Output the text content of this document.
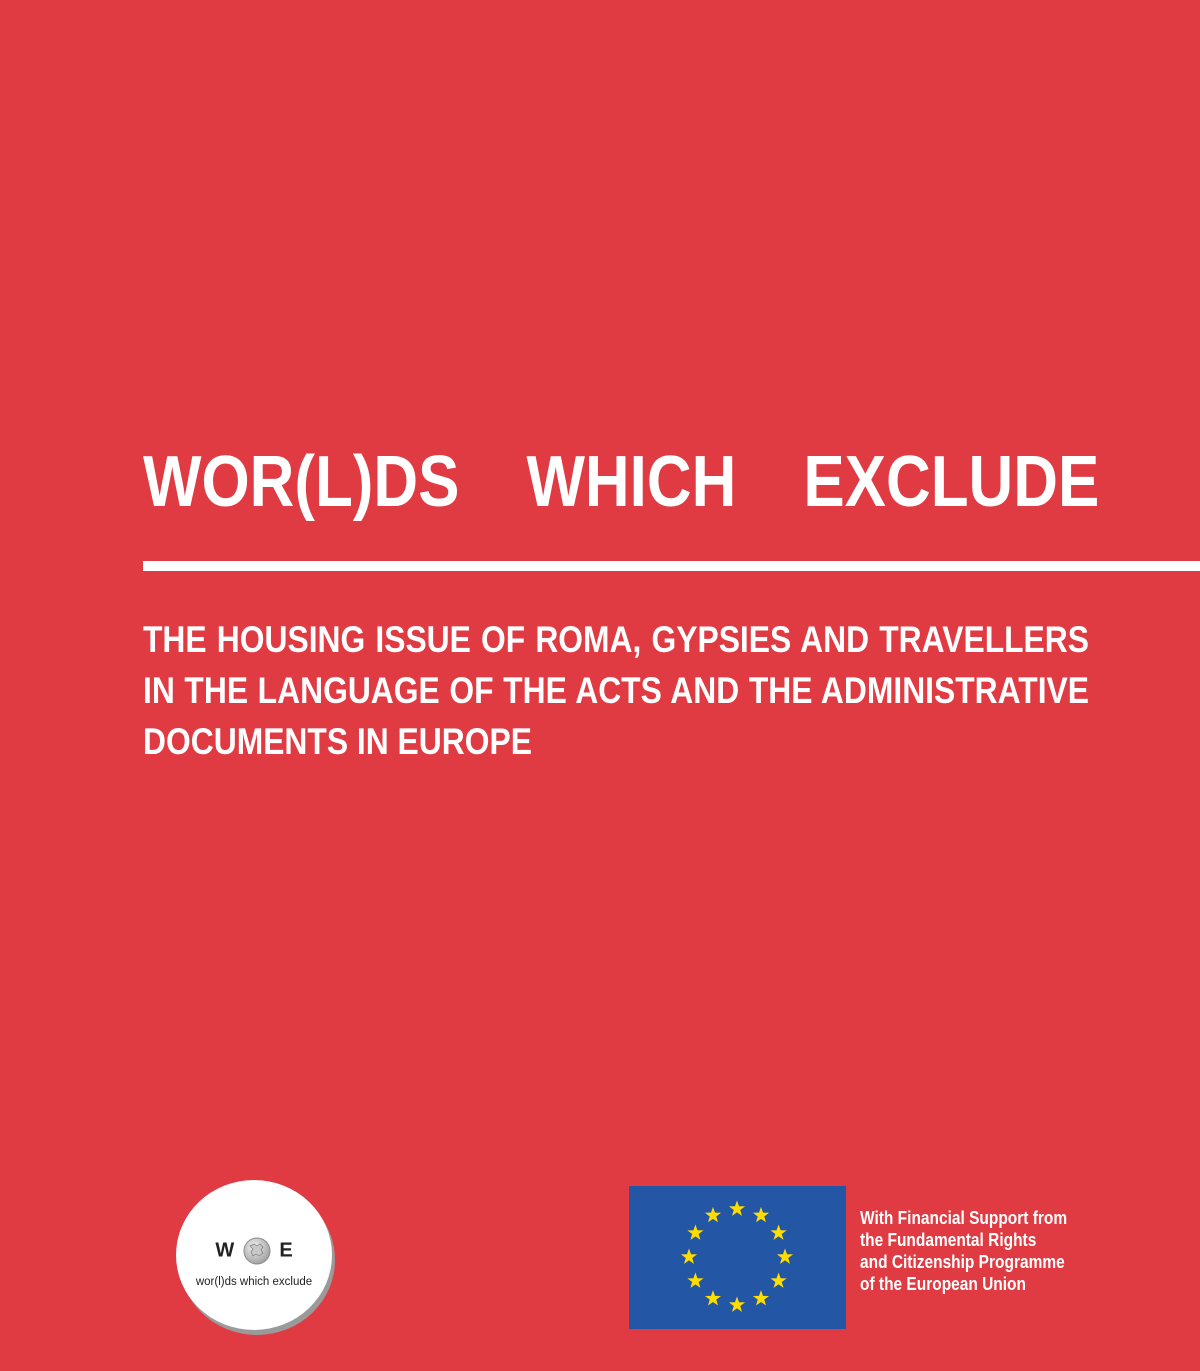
WOR(L)DS WHICH EXCLUDE
THE HOUSING ISSUE OF ROMA, GYPSIES AND TRAVELLERS IN THE LANGUAGE OF THE ACTS AND THE ADMINISTRATIVE DOCUMENTS IN EUROPE
W E
wor(l)ds which exclude
With Financial Support from
the Fundamental Rights
and Citizenship Programme
of the European Union
